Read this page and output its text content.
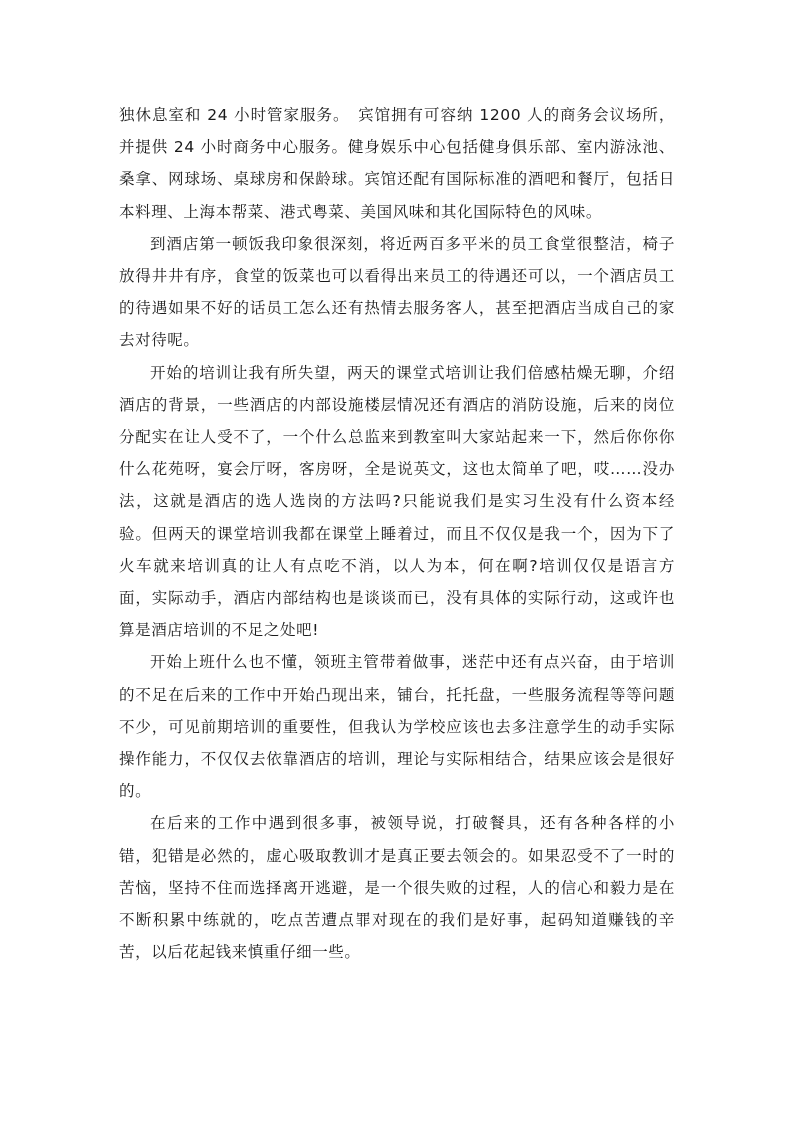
独休息室和 24 小时管家服务。　宾馆拥有可容纳 1200 人的商务会议场所，并提供 24 小时商务中心服务。健身娱乐中心包括健身俱乐部、室内游泳池、桑拿、网球场、桌球房和保龄球。宾馆还配有国际标准的酒吧和餐厅，包括日本料理、上海本帮菜、港式粤菜、美国风味和其化国际特色的风味。

到酒店第一顿饭我印象很深刻，将近两百多平米的员工食堂很整洁，椅子放得井井有序，食堂的饭菜也可以看得出来员工的待遇还可以，一个酒店员工的待遇如果不好的话员工怎么还有热情去服务客人，甚至把酒店当成自己的家去对待呢。

开始的培训让我有所失望，两天的课堂式培训让我们倍感枯燥无聊，介绍酒店的背景，一些酒店的内部设施楼层情况还有酒店的消防设施，后来的岗位分配实在让人受不了，一个什么总监来到教室叫大家站起来一下，然后你你你什么花苑呀，宴会厅呀，客房呀，全是说英文，这也太简单了吧，哎……没办法，这就是酒店的选人选岗的方法吗?只能说我们是实习生没有什么资本经验。但两天的课堂培训我都在课堂上睡着过，而且不仅仅是我一个，因为下了火车就来培训真的让人有点吃不消，以人为本，何在啊?培训仅仅是语言方面，实际动手，酒店内部结构也是谈谈而已，没有具体的实际行动，这或许也算是酒店培训的不足之处吧!

开始上班什么也不懂，领班主管带着做事，迷茫中还有点兴奋，由于培训的不足在后来的工作中开始凸现出来，铺台，托托盘，一些服务流程等等问题不少，可见前期培训的重要性，但我认为学校应该也去多注意学生的动手实际操作能力，不仅仅去依靠酒店的培训，理论与实际相结合，结果应该会是很好的。

在后来的工作中遇到很多事，被领导说，打破餐具，还有各种各样的小错，犯错是必然的，虚心吸取教训才是真正要去领会的。如果忍受不了一时的苦恼，坚持不住而选择离开逃避，是一个很失败的过程，人的信心和毅力是在不断积累中练就的，吃点苦遭点罪对现在的我们是好事，起码知道赚钱的辛苦，以后花起钱来慎重仔细一些。
